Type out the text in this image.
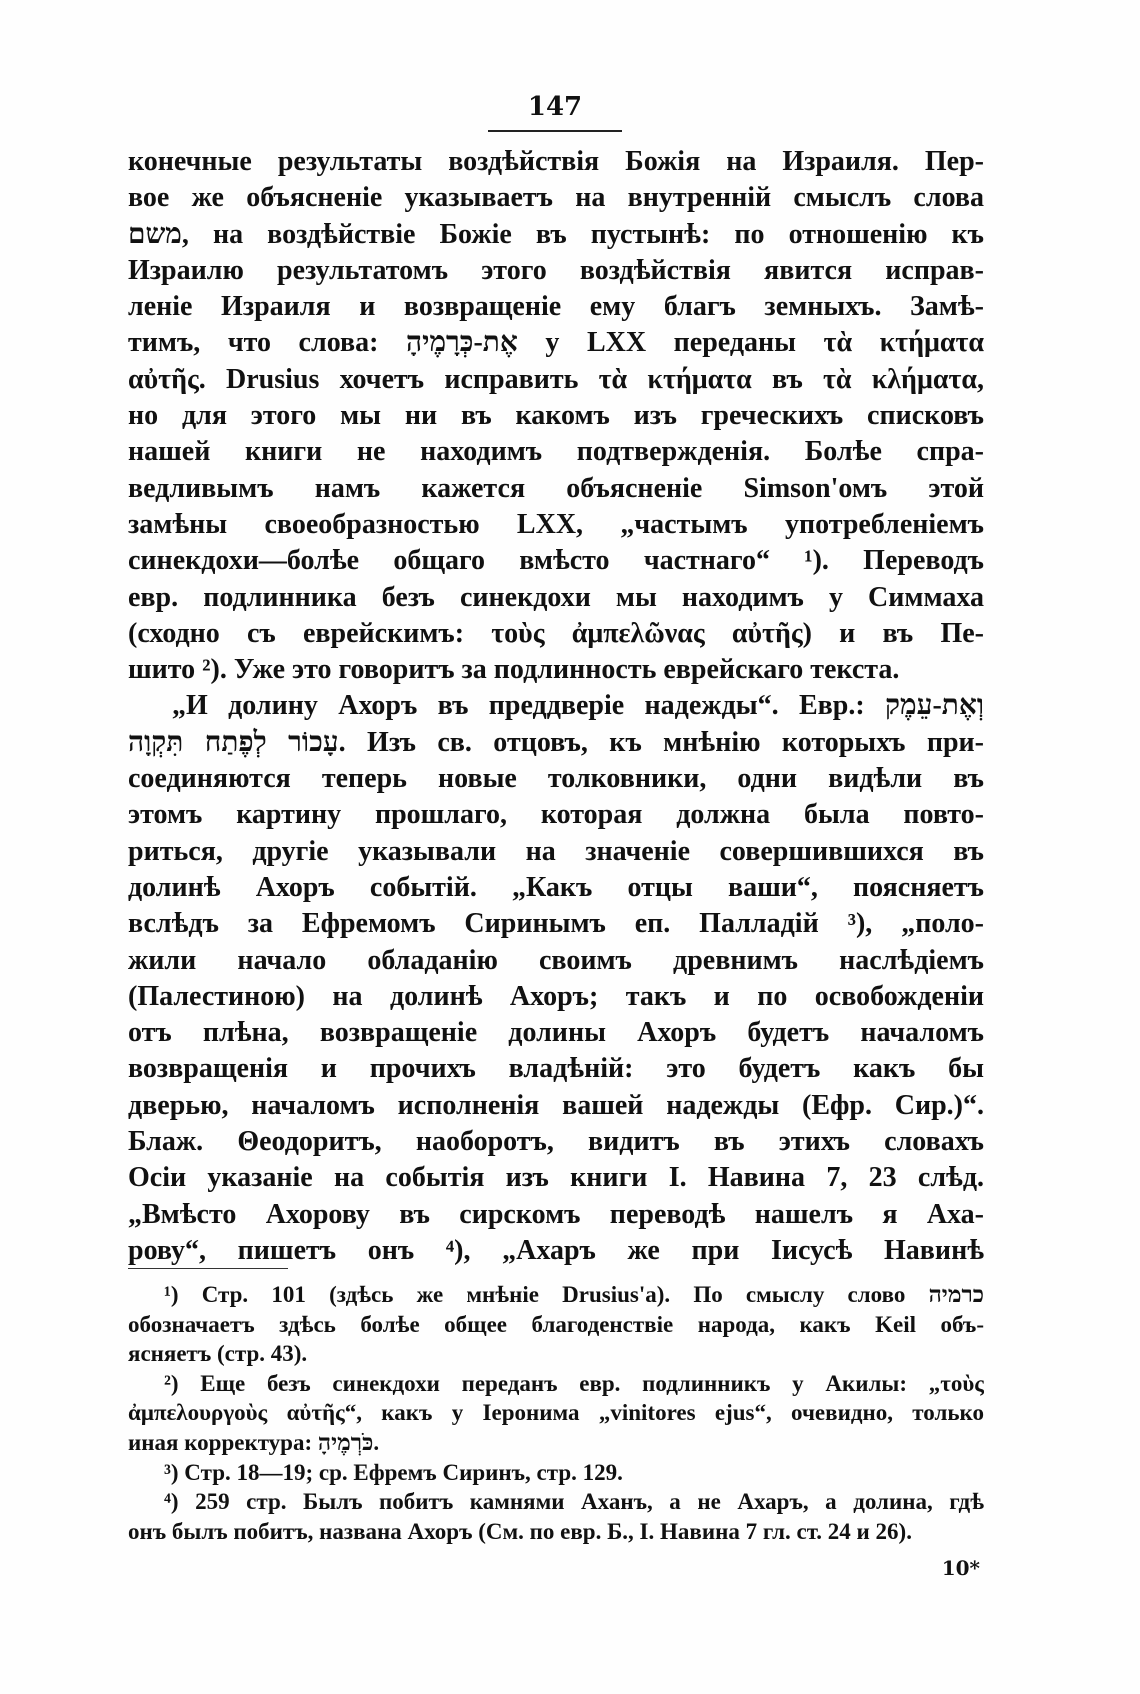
147
конечные результаты воздѣйствія Божія на Израиля. Пер-
вое же объясненіе указываетъ на внутренній смыслъ слова
משם, на воздѣйствіе Божіе въ пустынѣ: по отношенію къ
Израилю результатомъ этого воздѣйствія явится исправ-
леніе Израиля и возвращеніе ему благъ земныхъ. Замѣ-
тимъ, что слова: אֶת-כְּרָמֶיהָ у LXX переданы τὰ κτήματα
αὐτῆς. Drusius хочетъ исправить τὰ κτήματα въ τὰ κλήματα,
но для этого мы ни въ какомъ изъ греческихъ списковъ
нашей книги не находимъ подтвержденія. Болѣе спра-
ведливымъ намъ кажется объясненіе Simson'омъ этой
замѣны своеобразностью LXX, „частымъ употребленіемъ
синекдохи—болѣе общаго вмѣсто частнаго“ ¹). Переводъ
евр. подлинника безъ синекдохи мы находимъ у Симмаха
(сходно съ еврейскимъ: τοὺς ἀμπελῶνας αὐτῆς) и въ Пе-
шито ²). Уже это говоритъ за подлинность еврейскаго текста.
„И долину Ахоръ въ преддверіе надежды“. Евр.: וְאֶת-עֵמֶק
עָכוֹר לְפֶתַח תִּקְוָה. Изъ св. отцовъ, къ мнѣнію которыхъ при-
соединяются теперь новые толковники, одни видѣли въ
этомъ картину прошлаго, которая должна была повто-
риться, другіе указывали на значеніе совершившихся въ
долинѣ Ахоръ событій. „Какъ отцы ваши“, поясняетъ
вслѣдъ за Ефремомъ Сиринымъ еп. Палладій ³), „поло-
жили начало обладанію своимъ древнимъ наслѣдіемъ
(Палестиною) на долинѣ Ахоръ; такъ и по освобожденіи
отъ плѣна, возвращеніе долины Ахоръ будетъ началомъ
возвращенія и прочихъ владѣній: это будетъ какъ бы
дверью, началомъ исполненія вашей надежды (Ефр. Сир.)“.
Блаж. Θеодоритъ, наоборотъ, видитъ въ этихъ словахъ
Осіи указаніе на событія изъ книги I. Навина 7, 23 слѣд.
„Вмѣсто Ахорову въ сирскомъ переводѣ нашелъ я Аха-
рову“, пишетъ онъ ⁴), „Ахаръ же при Іисусѣ Навинѣ
¹) Стр. 101 (здѣсь же мнѣніе Drusius'а). По смыслу слово כרמיה
обозначаетъ здѣсь болѣе общее благоденствіе народа, какъ Keil объ-
ясняетъ (стр. 43).
²) Еще безъ синекдохи переданъ евр. подлинникъ у Акилы: „τοὺς
ἀμπελουργοὺς αὐτῆς“, какъ у Іеронима „vinitores ejus“, очевидно, только
иная корректура: כֹּרְמֶיהָ.
³) Стр. 18—19; ср. Ефремъ Сиринъ, стр. 129.
⁴) 259 стр. Былъ побитъ камнями Аханъ, а не Ахаръ, а долина, гдѣ
онъ былъ побитъ, названа Ахоръ (См. по евр. Б., І. Навина 7 гл. ст. 24 и 26).
10*
